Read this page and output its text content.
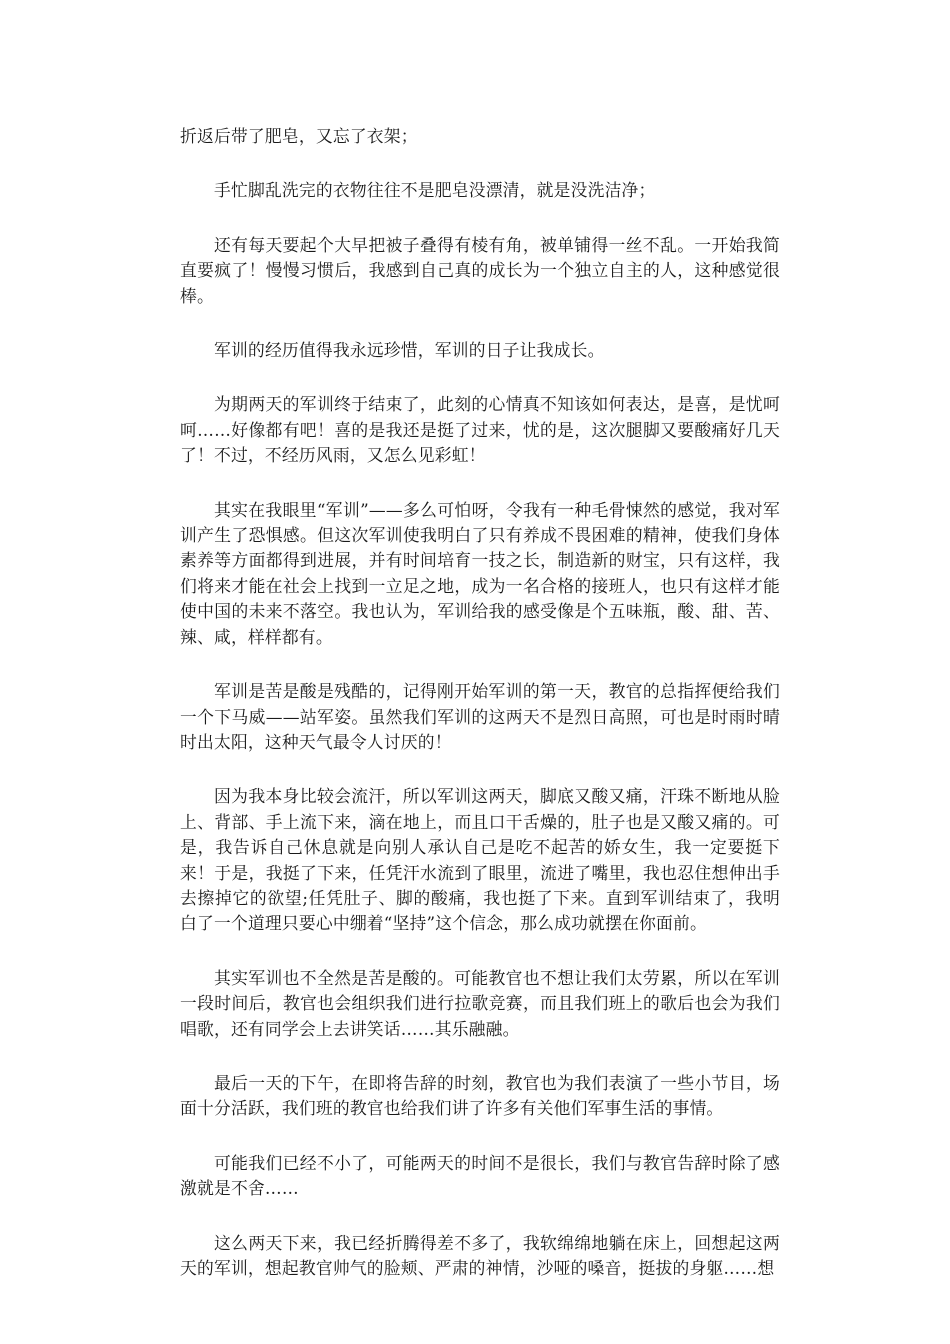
折返后带了肥皂，又忘了衣架；

手忙脚乱洗完的衣物往往不是肥皂没漂清，就是没洗洁净；

还有每天要起个大早把被子叠得有棱有角，被单铺得一丝不乱。一开始我简直要疯了！慢慢习惯后，我感到自己真的成长为一个独立自主的人，这种感觉很棒。

军训的经历值得我永远珍惜，军训的日子让我成长。

为期两天的军训终于结束了，此刻的心情真不知该如何表达，是喜，是忧呵呵……好像都有吧！喜的是我还是挺了过来，忧的是，这次腿脚又要酸痛好几天了！不过，不经历风雨，又怎么见彩虹！

其实在我眼里“军训”——多么可怕呀，令我有一种毛骨悚然的感觉，我对军训产生了恐惧感。但这次军训使我明白了只有养成不畏困难的精神，使我们身体素养等方面都得到进展，并有时间培育一技之长，制造新的财宝，只有这样，我们将来才能在社会上找到一立足之地，成为一名合格的接班人，也只有这样才能使中国的未来不落空。我也认为，军训给我的感受像是个五味瓶，酸、甜、苦、辣、咸，样样都有。

军训是苦是酸是残酷的，记得刚开始军训的第一天，教官的总指挥便给我们一个下马威——站军姿。虽然我们军训的这两天不是烈日高照，可也是时雨时晴时出太阳，这种天气最令人讨厌的！

因为我本身比较会流汗，所以军训这两天，脚底又酸又痛，汗珠不断地从脸上、背部、手上流下来，滴在地上，而且口干舌燥的，肚子也是又酸又痛的。可是，我告诉自己休息就是向别人承认自己是吃不起苦的娇女生，我一定要挺下来！于是，我挺了下来，任凭汗水流到了眼里，流进了嘴里，我也忍住想伸出手去擦掉它的欲望;任凭肚子、脚的酸痛，我也挺了下来。直到军训结束了，我明白了一个道理只要心中绷着“坚持”这个信念，那么成功就摆在你面前。

其实军训也不全然是苦是酸的。可能教官也不想让我们太劳累，所以在军训一段时间后，教官也会组织我们进行拉歌竞赛，而且我们班上的歌后也会为我们唱歌，还有同学会上去讲笑话……其乐融融。

最后一天的下午，在即将告辞的时刻，教官也为我们表演了一些小节目，场面十分活跃，我们班的教官也给我们讲了许多有关他们军事生活的事情。

可能我们已经不小了，可能两天的时间不是很长，我们与教官告辞时除了感激就是不舍……

这么两天下来，我已经折腾得差不多了，我软绵绵地躺在床上，回想起这两天的军训，想起教官帅气的脸颊、严肃的神情，沙哑的嗓音，挺拔的身躯……想
